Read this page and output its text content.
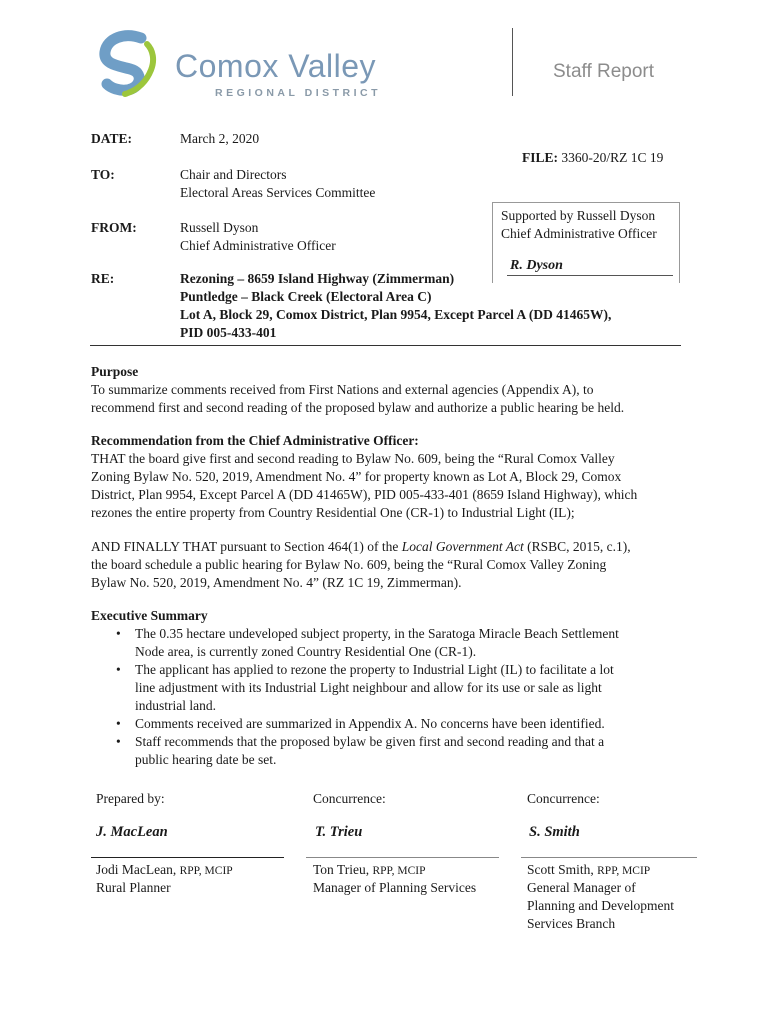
Comox Valley
REGIONAL DISTRICT
Staff Report
DATE:	March 2, 2020
FILE: 3360-20/RZ 1C 19
TO:	Chair and Directors
Electoral Areas Services Committee
FROM:	Russell Dyson
Chief Administrative Officer
Supported by Russell Dyson
Chief Administrative Officer
R. Dyson
RE:	Rezoning – 8659 Island Highway (Zimmerman)
Puntledge – Black Creek (Electoral Area C)
Lot A, Block 29, Comox District, Plan 9954, Except Parcel A (DD 41465W),
PID 005-433-401

Purpose

To summarize comments received from First Nations and external agencies (Appendix A), to

recommend first and second reading of the proposed bylaw and authorize a public hearing be held.

Recommendation from the Chief Administrative Officer:

THAT the board give first and second reading to Bylaw No. 609, being the “Rural Comox Valley

Zoning Bylaw No. 520, 2019, Amendment No. 4” for property known as Lot A, Block 29, Comox

District, Plan 9954, Except Parcel A (DD 41465W), PID 005-433-401 (8659 Island Highway), which

rezones the entire property from Country Residential One (CR-1) to Industrial Light (IL);

AND FINALLY THAT pursuant to Section 464(1) of the Local Government Act (RSBC, 2015, c.1),

the board schedule a public hearing for Bylaw No. 609, being the “Rural Comox Valley Zoning

Bylaw No. 520, 2019, Amendment No. 4” (RZ 1C 19, Zimmerman).

Executive Summary

• The 0.35 hectare undeveloped subject property, in the Saratoga Miracle Beach Settlement

Node area, is currently zoned Country Residential One (CR-1).

• The applicant has applied to rezone the property to Industrial Light (IL) to facilitate a lot

line adjustment with its Industrial Light neighbour and allow for its use or sale as light

industrial land.

• Comments received are summarized in Appendix A. No concerns have been identified.

• Staff recommends that the proposed bylaw be given first and second reading and that a

public hearing date be set.

Prepared by:
J. MacLean
Jodi MacLean, RPP, MCIP
Rural Planner
Concurrence:
T. Trieu
Ton Trieu, RPP, MCIP
Manager of Planning Services
Concurrence:
S. Smith
Scott Smith, RPP, MCIP
General Manager of
Planning and Development
Services Branch
